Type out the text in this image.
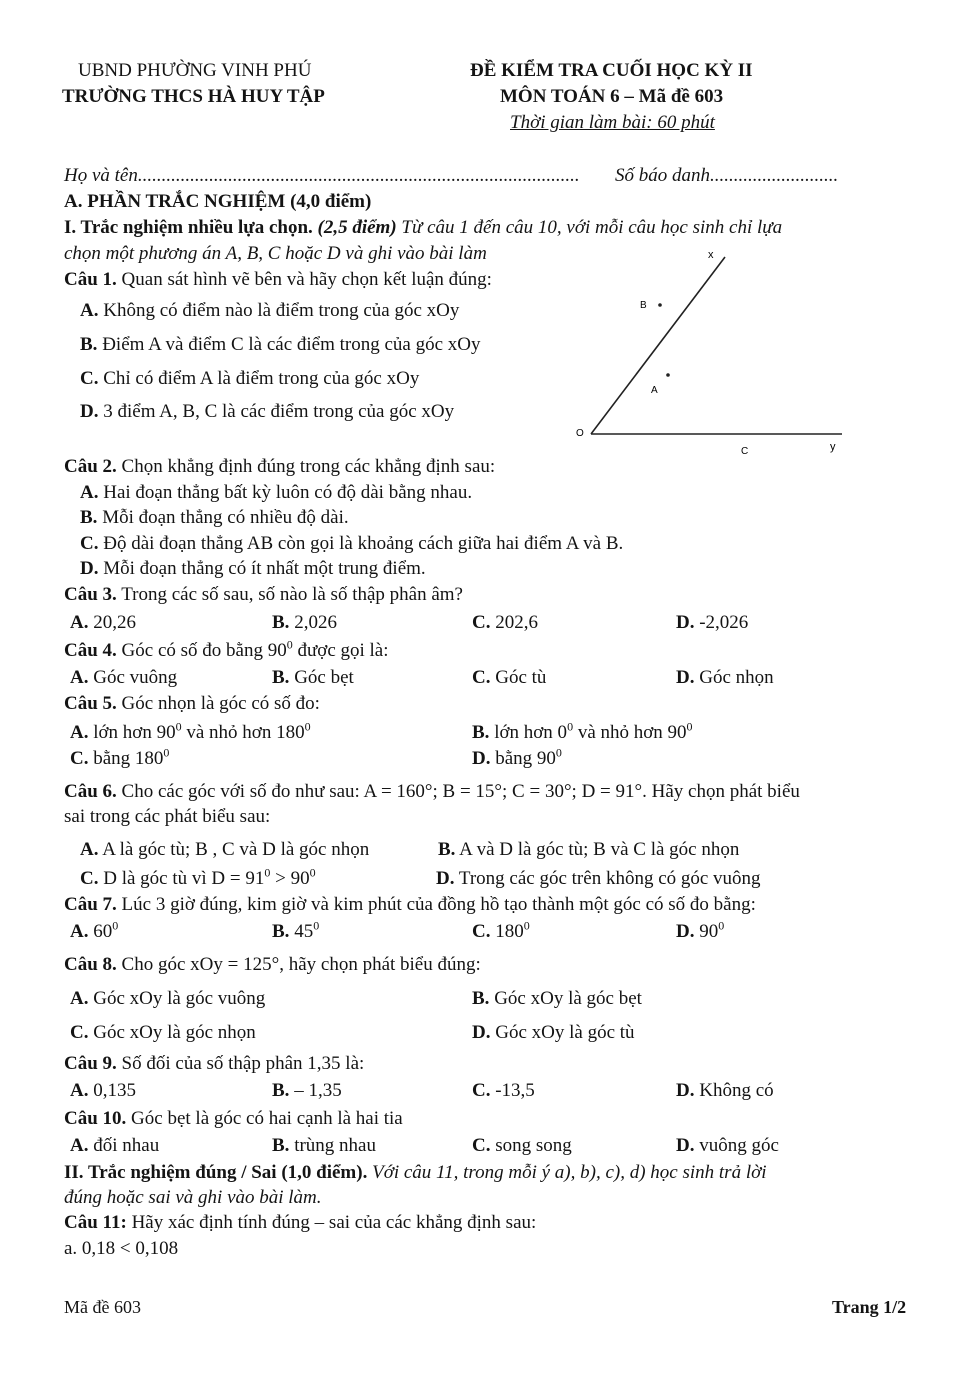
UBND PHƯỜNG VINH PHÚ
TRƯỜNG THCS HÀ HUY TẬP
ĐỀ KIỂM TRA CUỐI HỌC KỲ II
MÔN TOÁN 6 – Mã đề 603
Thời gian làm bài: 60 phút
Họ và tên............................................................................................. Số báo danh...........................
A. PHẦN TRẮC NGHIỆM (4,0 điểm)
I. Trắc nghiệm nhiều lựa chọn. (2,5 điểm) Từ câu 1 đến câu 10, với mỗi câu học sinh chỉ lựa
chọn một phương án A, B, C hoặc D và ghi vào bài làm	x
y
O
B
A
C
Câu 1. Quan sát hình vẽ bên và hãy chọn kết luận đúng:
A. Không có điểm nào là điểm trong của góc xOy
B. Điểm A và điểm C là các điểm trong của góc xOy
C. Chỉ có điểm A là điểm trong của góc xOy
D. 3 điểm A, B, C là các điểm trong của góc xOy
Câu 2. Chọn khẳng định đúng trong các khẳng định sau:
A. Hai đoạn thẳng bất kỳ luôn có độ dài bằng nhau.
B. Mỗi đoạn thẳng có nhiều độ dài.
C. Độ dài đoạn thẳng AB còn gọi là khoảng cách giữa hai điểm A và B.
D. Mỗi đoạn thẳng có ít nhất một trung điểm.
Câu 3. Trong các số sau, số nào là số thập phân âm?
A. 20,26	B. 2,026	C. 202,6	D. -2,026
Câu 4. Góc có số đo bằng $90^0$ được gọi là:
A. Góc vuông	B. Góc bẹt	C. Góc tù	D. Góc nhọn
Câu 5. Góc nhọn là góc có số đo:
A. lớn hơn $90^0$ và nhỏ hơn $180^0$	B. lớn hơn $0^0$ và nhỏ hơn $90^0$
C. bằng $180^0$	D. bằng $90^0$
Câu 6. Cho các góc với số đo như sau: A = 160°; B = 15°; C = 30°; D = 91°. Hãy chọn phát biểu
sai trong các phát biểu sau:
A. A là góc tù; B , C và D là góc nhọn	B. A và D là góc tù; B và C là góc nhọn
C. D là góc tù vì $D = 91^0 > 90^0$	D. Trong các góc trên không có góc vuông
Câu 7. Lúc 3 giờ đúng, kim giờ và kim phút của đồng hồ tạo thành một góc có số đo bằng:
A. $60^0$	B. $45^0$	C. $180^0$	D. $90^0$
Câu 8. Cho góc xOy = 125°, hãy chọn phát biểu đúng:
A. Góc xOy là góc vuông	B. Góc xOy là góc bẹt
C. Góc xOy là góc nhọn	D. Góc xOy là góc tù
Câu 9. Số đối của số thập phân 1,35 là:
A. 0,135	B. – 1,35	C. -13,5	D. Không có
Câu 10. Góc bẹt là góc có hai cạnh là hai tia
A. đối nhau	B. trùng nhau	C. song song	D. vuông góc
II. Trắc nghiệm đúng / Sai (1,0 điểm). Với câu 11, trong mỗi ý a), b), c), d) học sinh trả lời
đúng hoặc sai và ghi vào bài làm.
Câu 11: Hãy xác định tính đúng – sai của các khẳng định sau:
a. 0,18 < 0,108
Mã đề 603	Trang 1/2
